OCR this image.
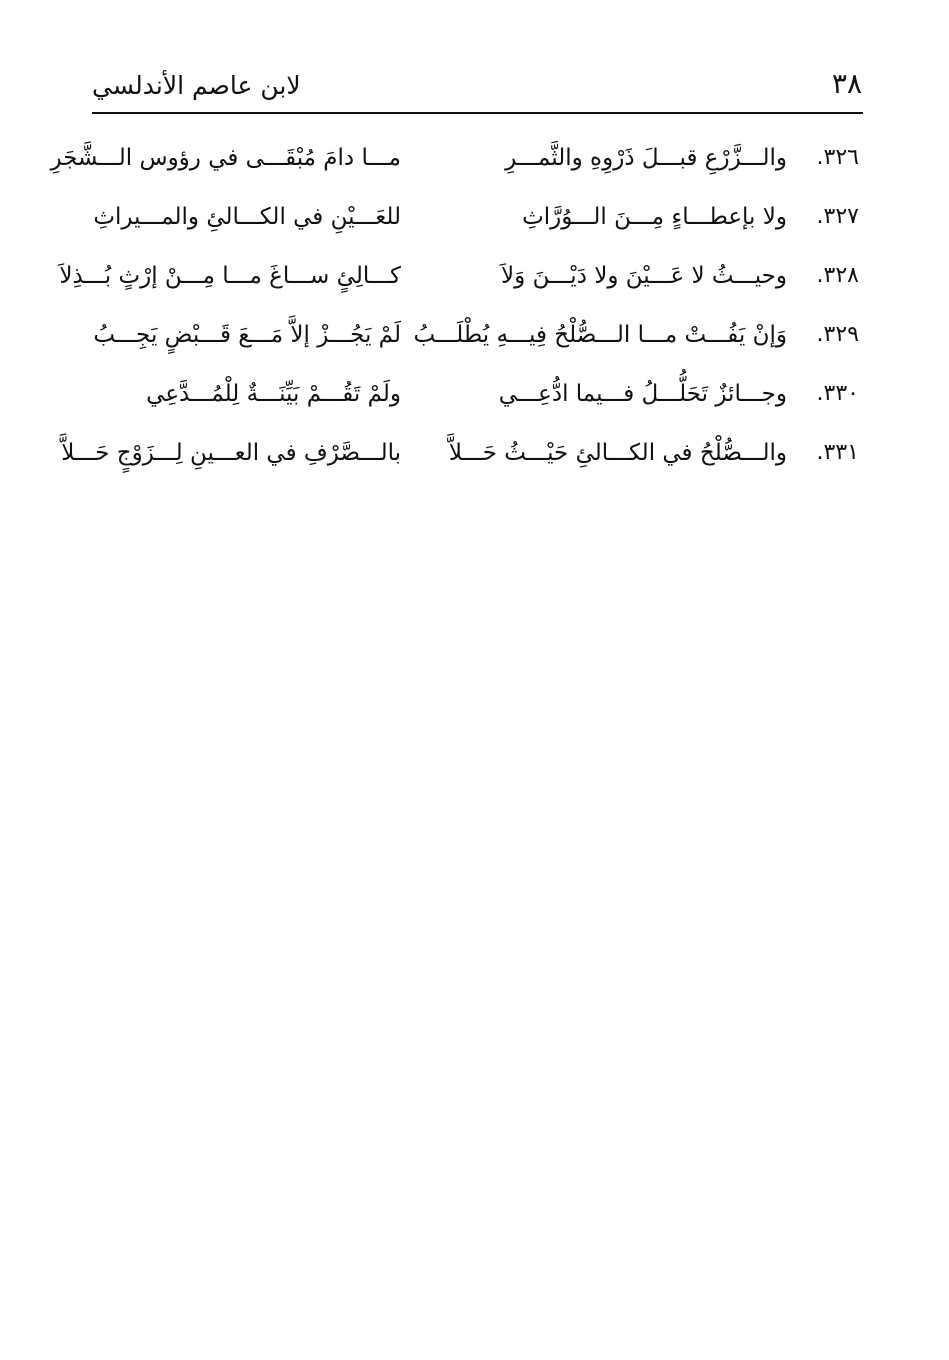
٣٨
لابن عاصم الأندلسي
٣٢٦.
والـــزَّرْعِ قبـــلَ ذَرْوِهِ والثَّمـــرِ
مـــا دامَ مُبْقَـــى في رؤوس الـــشَّجَرِ
٣٢٧.
ولا بإعطـــاءٍ مِـــنَ الـــوُرَّاثِ
للعَـــيْنِ في الكـــالئِ والمـــيراثِ
٣٢٨.
وحيـــثُ لا عَـــيْنَ ولا دَيْـــنَ وَلاَ
كـــالِئٍ ســـاغَ مـــا مِـــنْ إرْثٍ بُـــذِلاَ
٣٢٩.
وَإنْ يَفُـــتْ مـــا الـــصُّلْحُ فِيـــهِ يُطْلَـــبُ
لَمْ يَجُـــزْ إلاَّ مَـــعَ قَـــبْضٍ يَجِـــبُ
٣٣٠.
وجـــائزٌ تَحَلُّـــلُ فـــيما ادُّعِـــي
ولَمْ تَقُـــمْ بَيِّنَـــةٌ لِلْمُـــدَّعِي
٣٣١.
والـــصُّلْحُ في الكـــالئِ حَيْـــثُ حَـــلاَّ
بالـــصَّرْفِ في العـــينِ لِـــزَوْجٍ حَـــلاَّ
